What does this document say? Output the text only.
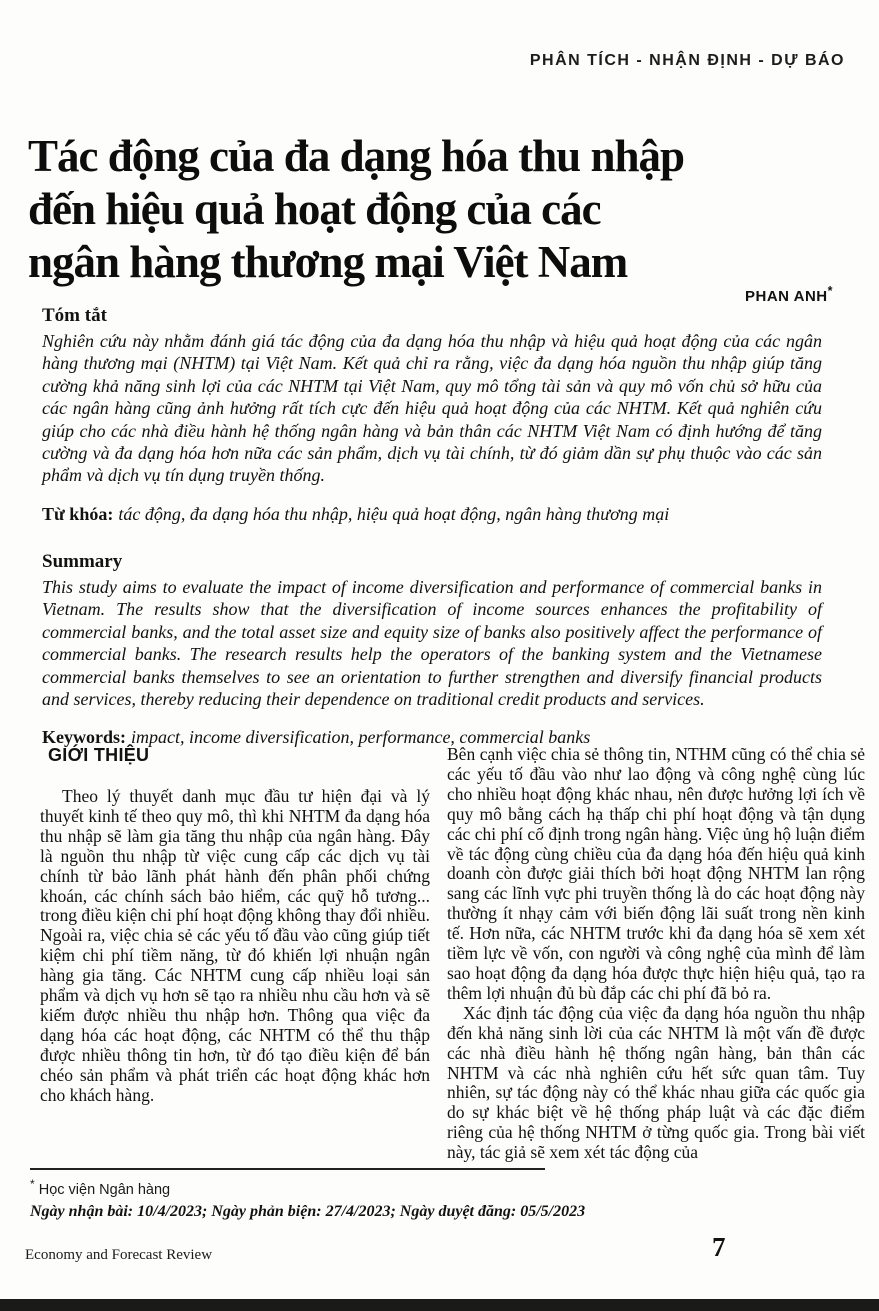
PHÂN TÍCH - NHẬN ĐỊNH - DỰ BÁO
Tác động của đa dạng hóa thu nhập
đến hiệu quả hoạt động của các
ngân hàng thương mại Việt Nam
PHAN ANH*
Tóm tắt

Nghiên cứu này nhằm đánh giá tác động của đa dạng hóa thu nhập và hiệu quả hoạt động của các ngân hàng thương mại (NHTM) tại Việt Nam. Kết quả chỉ ra rằng, việc đa dạng hóa nguồn thu nhập giúp tăng cường khả năng sinh lợi của các NHTM tại Việt Nam, quy mô tổng tài sản và quy mô vốn chủ sở hữu của các ngân hàng cũng ảnh hưởng rất tích cực đến hiệu quả hoạt động của các NHTM. Kết quả nghiên cứu giúp cho các nhà điều hành hệ thống ngân hàng và bản thân các NHTM Việt Nam có định hướng để tăng cường và đa dạng hóa hơn nữa các sản phẩm, dịch vụ tài chính, từ đó giảm dần sự phụ thuộc vào các sản phẩm và dịch vụ tín dụng truyền thống.

Từ khóa: tác động, đa dạng hóa thu nhập, hiệu quả hoạt động, ngân hàng thương mại
Summary

This study aims to evaluate the impact of income diversification and performance of commercial banks in Vietnam. The results show that the diversification of income sources enhances the profitability of commercial banks, and the total asset size and equity size of banks also positively affect the performance of commercial banks. The research results help the operators of the banking system and the Vietnamese commercial banks themselves to see an orientation to further strengthen and diversify financial products and services, thereby reducing their dependence on traditional credit products and services.

Keywords: impact, income diversification, performance, commercial banks
GIỚI THIỆU

Theo lý thuyết danh mục đầu tư hiện đại và lý thuyết kinh tế theo quy mô, thì khi NHTM đa dạng hóa thu nhập sẽ làm gia tăng thu nhập của ngân hàng. Đây là nguồn thu nhập từ việc cung cấp các dịch vụ tài chính từ bảo lãnh phát hành đến phân phối chứng khoán, các chính sách bảo hiểm, các quỹ hỗ tương... trong điều kiện chi phí hoạt động không thay đổi nhiều. Ngoài ra, việc chia sẻ các yếu tố đầu vào cũng giúp tiết kiệm chi phí tiềm năng, từ đó khiến lợi nhuận ngân hàng gia tăng. Các NHTM cung cấp nhiều loại sản phẩm và dịch vụ hơn sẽ tạo ra nhiều nhu cầu hơn và sẽ kiếm được nhiều thu nhập hơn. Thông qua việc đa dạng hóa các hoạt động, các NHTM có thể thu thập được nhiều thông tin hơn, từ đó tạo điều kiện để bán chéo sản phẩm và phát triển các hoạt động khác hơn cho khách hàng.

Bên cạnh việc chia sẻ thông tin, NTHM cũng có thể chia sẻ các yếu tố đầu vào như lao động và công nghệ cùng lúc cho nhiều hoạt động khác nhau, nên được hưởng lợi ích về quy mô bằng cách hạ thấp chi phí hoạt động và tận dụng các chi phí cố định trong ngân hàng. Việc ủng hộ luận điểm về tác động cùng chiều của đa dạng hóa đến hiệu quả kinh doanh còn được giải thích bởi hoạt động NHTM lan rộng sang các lĩnh vực phi truyền thống là do các hoạt động này thường ít nhạy cảm với biến động lãi suất trong nền kinh tế. Hơn nữa, các NHTM trước khi đa dạng hóa sẽ xem xét tiềm lực về vốn, con người và công nghệ của mình để làm sao hoạt động đa dạng hóa được thực hiện hiệu quả, tạo ra thêm lợi nhuận đủ bù đắp các chi phí đã bỏ ra.

Xác định tác động của việc đa dạng hóa nguồn thu nhập đến khả năng sinh lời của các NHTM là một vấn đề được các nhà điều hành hệ thống ngân hàng, bản thân các NHTM và các nhà nghiên cứu hết sức quan tâm. Tuy nhiên, sự tác động này có thể khác nhau giữa các quốc gia do sự khác biệt về hệ thống pháp luật và các đặc điểm riêng của hệ thống NHTM ở từng quốc gia. Trong bài viết này, tác giả sẽ xem xét tác động của

* Học viện Ngân hàng
Ngày nhận bài: 10/4/2023; Ngày phản biện: 27/4/2023; Ngày duyệt đăng: 05/5/2023
Economy and Forecast Review	7
